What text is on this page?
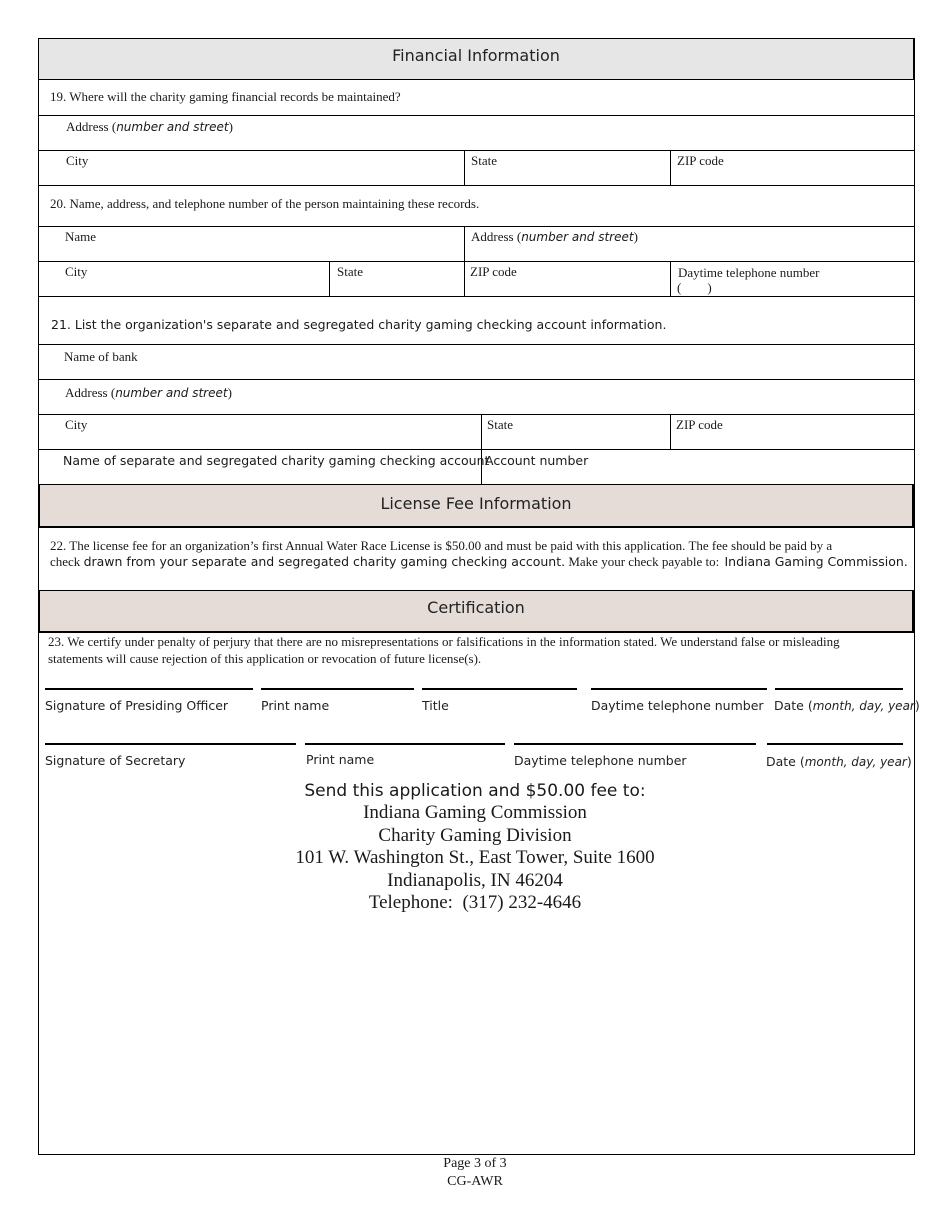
Financial Information
19. Where will the charity gaming financial records be maintained?
Address (number and street)
City	State	ZIP code
20. Name, address, and telephone number of the person maintaining these records.
Name	Address (number and street)
City	State	ZIP code	Daytime telephone number
(        )
21. List the organization's separate and segregated charity gaming checking account information.
Name of bank
Address (number and street)
City	State	ZIP code
Name of separate and segregated charity gaming checking account
Account number
License Fee Information
22. The license fee for an organization’s first Annual Water Race License is $50.00 and must be paid with this application. The fee should be paid by a
check drawn from your separate and segregated charity gaming checking account. Make your check payable to: Indiana Gaming Commission.
Certification
23. We certify under penalty of perjury that there are no misrepresentations or falsifications in the information stated. We understand false or misleading
statements will cause rejection of this application or revocation of future license(s).
Signature of Presiding Officer	Print name	Title	Daytime telephone number Date (month, day, year)
Signature of Secretary	Print name	Daytime telephone number	Date (month, day, year)
Send this application and $50.00 fee to:
Indiana Gaming Commission
Charity Gaming Division
101 W. Washington St., East Tower, Suite 1600
Indianapolis, IN 46204
Telephone:  (317) 232-4646
Page 3 of 3
CG-AWR
